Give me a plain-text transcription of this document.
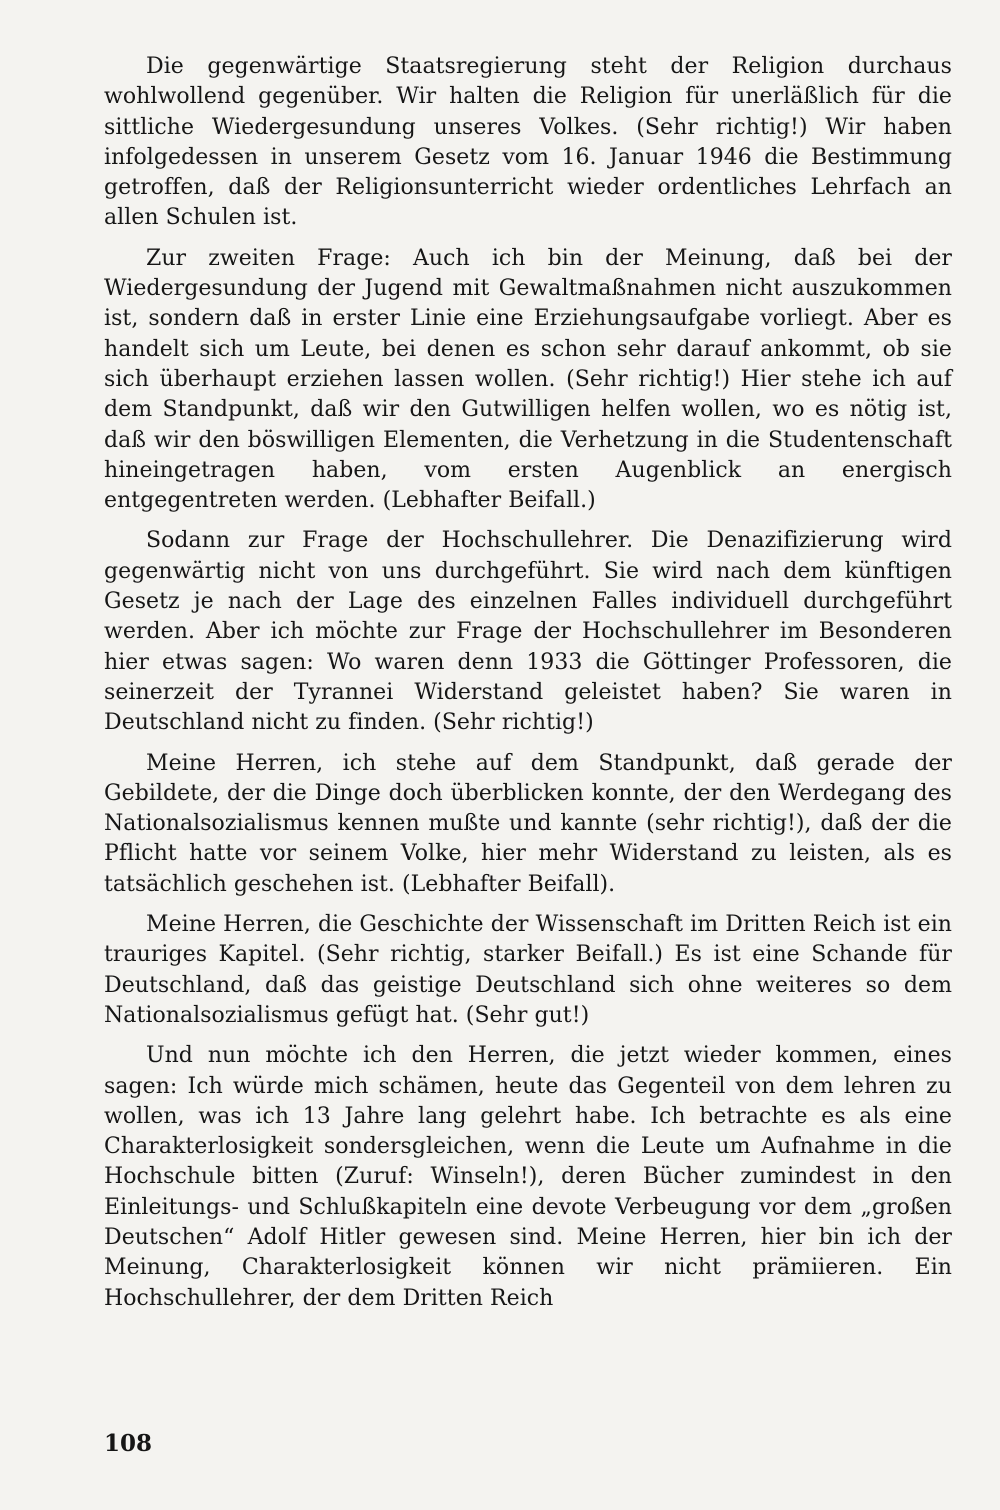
Die gegenwärtige Staatsregierung steht der Religion durchaus wohlwollend gegenüber. Wir halten die Religion für unerläßlich für die sittliche Wiedergesundung unseres Volkes. (Sehr richtig!) Wir haben infolgedessen in unserem Gesetz vom 16. Januar 1946 die Bestimmung getroffen, daß der Religionsunterricht wieder ordentliches Lehrfach an allen Schulen ist.

Zur zweiten Frage: Auch ich bin der Meinung, daß bei der Wiedergesundung der Jugend mit Gewaltmaßnahmen nicht auszukommen ist, sondern daß in erster Linie eine Erziehungsaufgabe vorliegt. Aber es handelt sich um Leute, bei denen es schon sehr darauf ankommt, ob sie sich überhaupt erziehen lassen wollen. (Sehr richtig!) Hier stehe ich auf dem Standpunkt, daß wir den Gutwilligen helfen wollen, wo es nötig ist, daß wir den böswilligen Elementen, die Verhetzung in die Studentenschaft hineingetragen haben, vom ersten Augenblick an energisch entgegentreten werden. (Lebhafter Beifall.)

Sodann zur Frage der Hochschullehrer. Die Denazifizierung wird gegenwärtig nicht von uns durchgeführt. Sie wird nach dem künftigen Gesetz je nach der Lage des einzelnen Falles individuell durchgeführt werden. Aber ich möchte zur Frage der Hochschullehrer im Besonderen hier etwas sagen: Wo waren denn 1933 die Göttinger Professoren, die seinerzeit der Tyrannei Widerstand geleistet haben? Sie waren in Deutschland nicht zu finden. (Sehr richtig!)

Meine Herren, ich stehe auf dem Standpunkt, daß gerade der Gebildete, der die Dinge doch überblicken konnte, der den Werdegang des Nationalsozialismus kennen mußte und kannte (sehr richtig!), daß der die Pflicht hatte vor seinem Volke, hier mehr Widerstand zu leisten, als es tatsächlich geschehen ist. (Lebhafter Beifall).

Meine Herren, die Geschichte der Wissenschaft im Dritten Reich ist ein trauriges Kapitel. (Sehr richtig, starker Beifall.) Es ist eine Schande für Deutschland, daß das geistige Deutschland sich ohne weiteres so dem Nationalsozialismus gefügt hat. (Sehr gut!)

Und nun möchte ich den Herren, die jetzt wieder kommen, eines sagen: Ich würde mich schämen, heute das Gegenteil von dem lehren zu wollen, was ich 13 Jahre lang gelehrt habe. Ich betrachte es als eine Charakterlosigkeit sondersgleichen, wenn die Leute um Aufnahme in die Hochschule bitten (Zuruf: Winseln!), deren Bücher zumindest in den Einleitungs- und Schlußkapiteln eine devote Verbeugung vor dem „großen Deutschen“ Adolf Hitler gewesen sind. Meine Herren, hier bin ich der Meinung, Charakterlosigkeit können wir nicht prämiieren. Ein Hochschullehrer, der dem Dritten Reich

108
